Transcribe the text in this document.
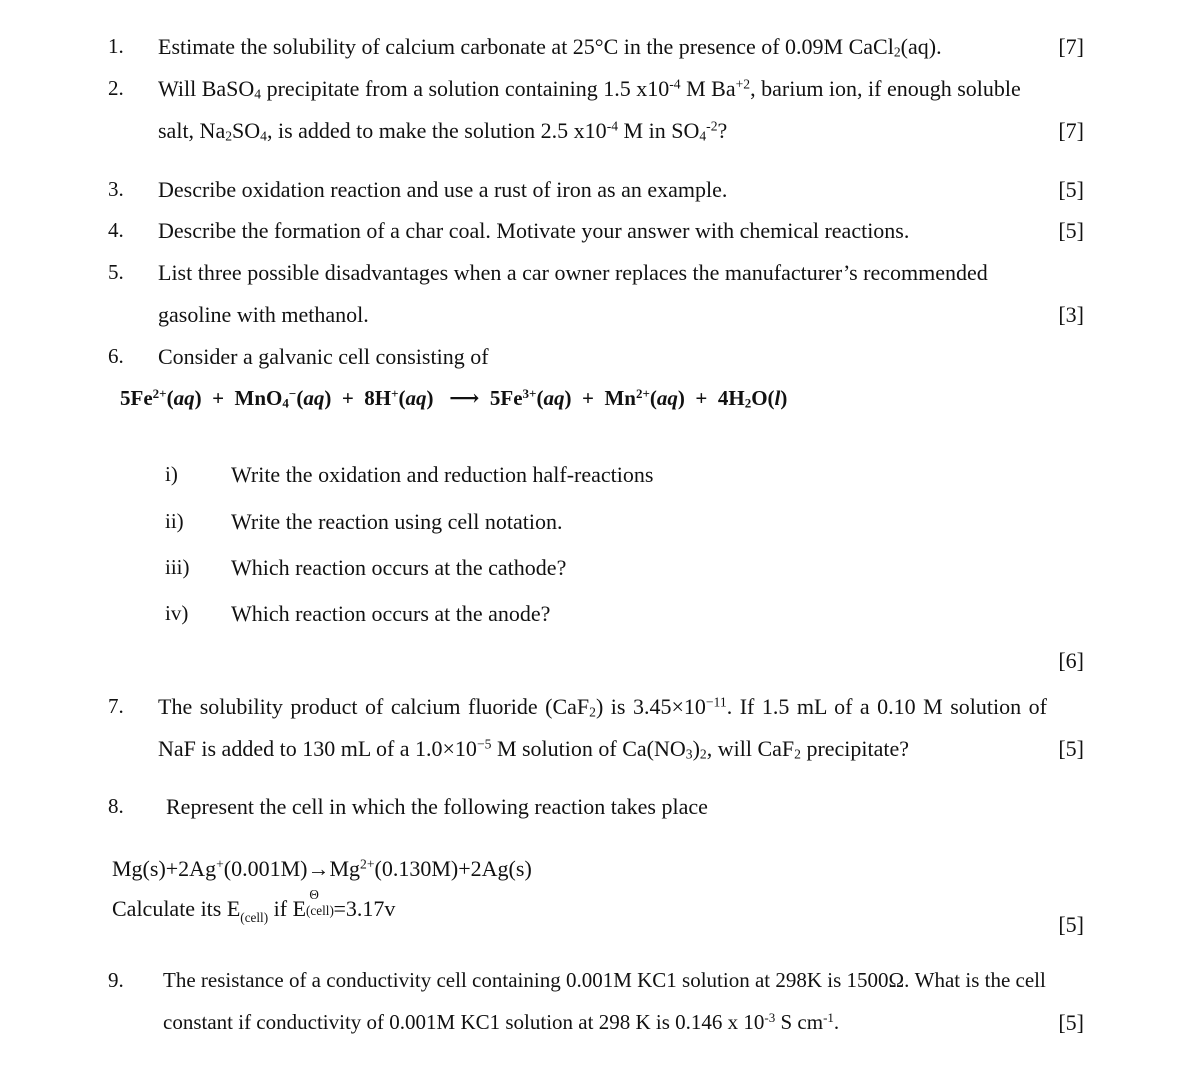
1. Estimate the solubility of calcium carbonate at 25°C in the presence of 0.09M CaCl$_2$(aq).	[7]
2. Will BaSO$_4$ precipitate from a solution containing 1.5 $x10^{-4}$ M $Ba^{+2}$, barium ion, if enough soluble
salt, $Na_2SO_4$, is added to make the solution 2.5 $x10^{-4}$ M in $SO_4^{-2}$?	[7]
3. Describe oxidation reaction and use a rust of iron as an example.	[5]
4. Describe the formation of a char coal. Motivate your answer with chemical reactions.	[5]
5. List three possible disadvantages when a car owner replaces the manufacturer’s recommended
gasoline with methanol.	[3]
6. Consider a galvanic cell consisting of
$5Fe^{2+}(aq) + MnO_4^-(aq) + 8H^+(aq)$   ⟶  $5Fe^{3+}(aq) + Mn^{2+}(aq) + 4H_2O(l)$
i) Write the oxidation and reduction half-reactions
ii) Write the reaction using cell notation.
iii) Which reaction occurs at the cathode?
iv) Which reaction occurs at the anode?
[6]
7. The solubility product of calcium fluoride (CaF$_2$) is $3.45\times 10^{-11}$. If 1.5 mL of a 0.10 M solution of
NaF is added to 130 mL of a $1.0\times 10^{-5}$ M solution of $Ca(NO_3)_2$, will CaF$_2$ precipitate?	[5]
8. Represent the cell in which the following reaction takes place
$Mg(s)+2Ag^+(0.001M)\to Mg^{2+}(0.130M)+2Ag(s)$
Calculate its $E_{(cell)}$ if E
Θ
(cell) =3.17v
[5]
9. The resistance of a conductivity cell containing 0.001M KC1 solution at 298K is 1500Ω. What is the cell
constant if conductivity of 0.001M KC1 solution at 298 K is 0.146 x $10^{-3}$ S $cm^{-1}$.	[5]
